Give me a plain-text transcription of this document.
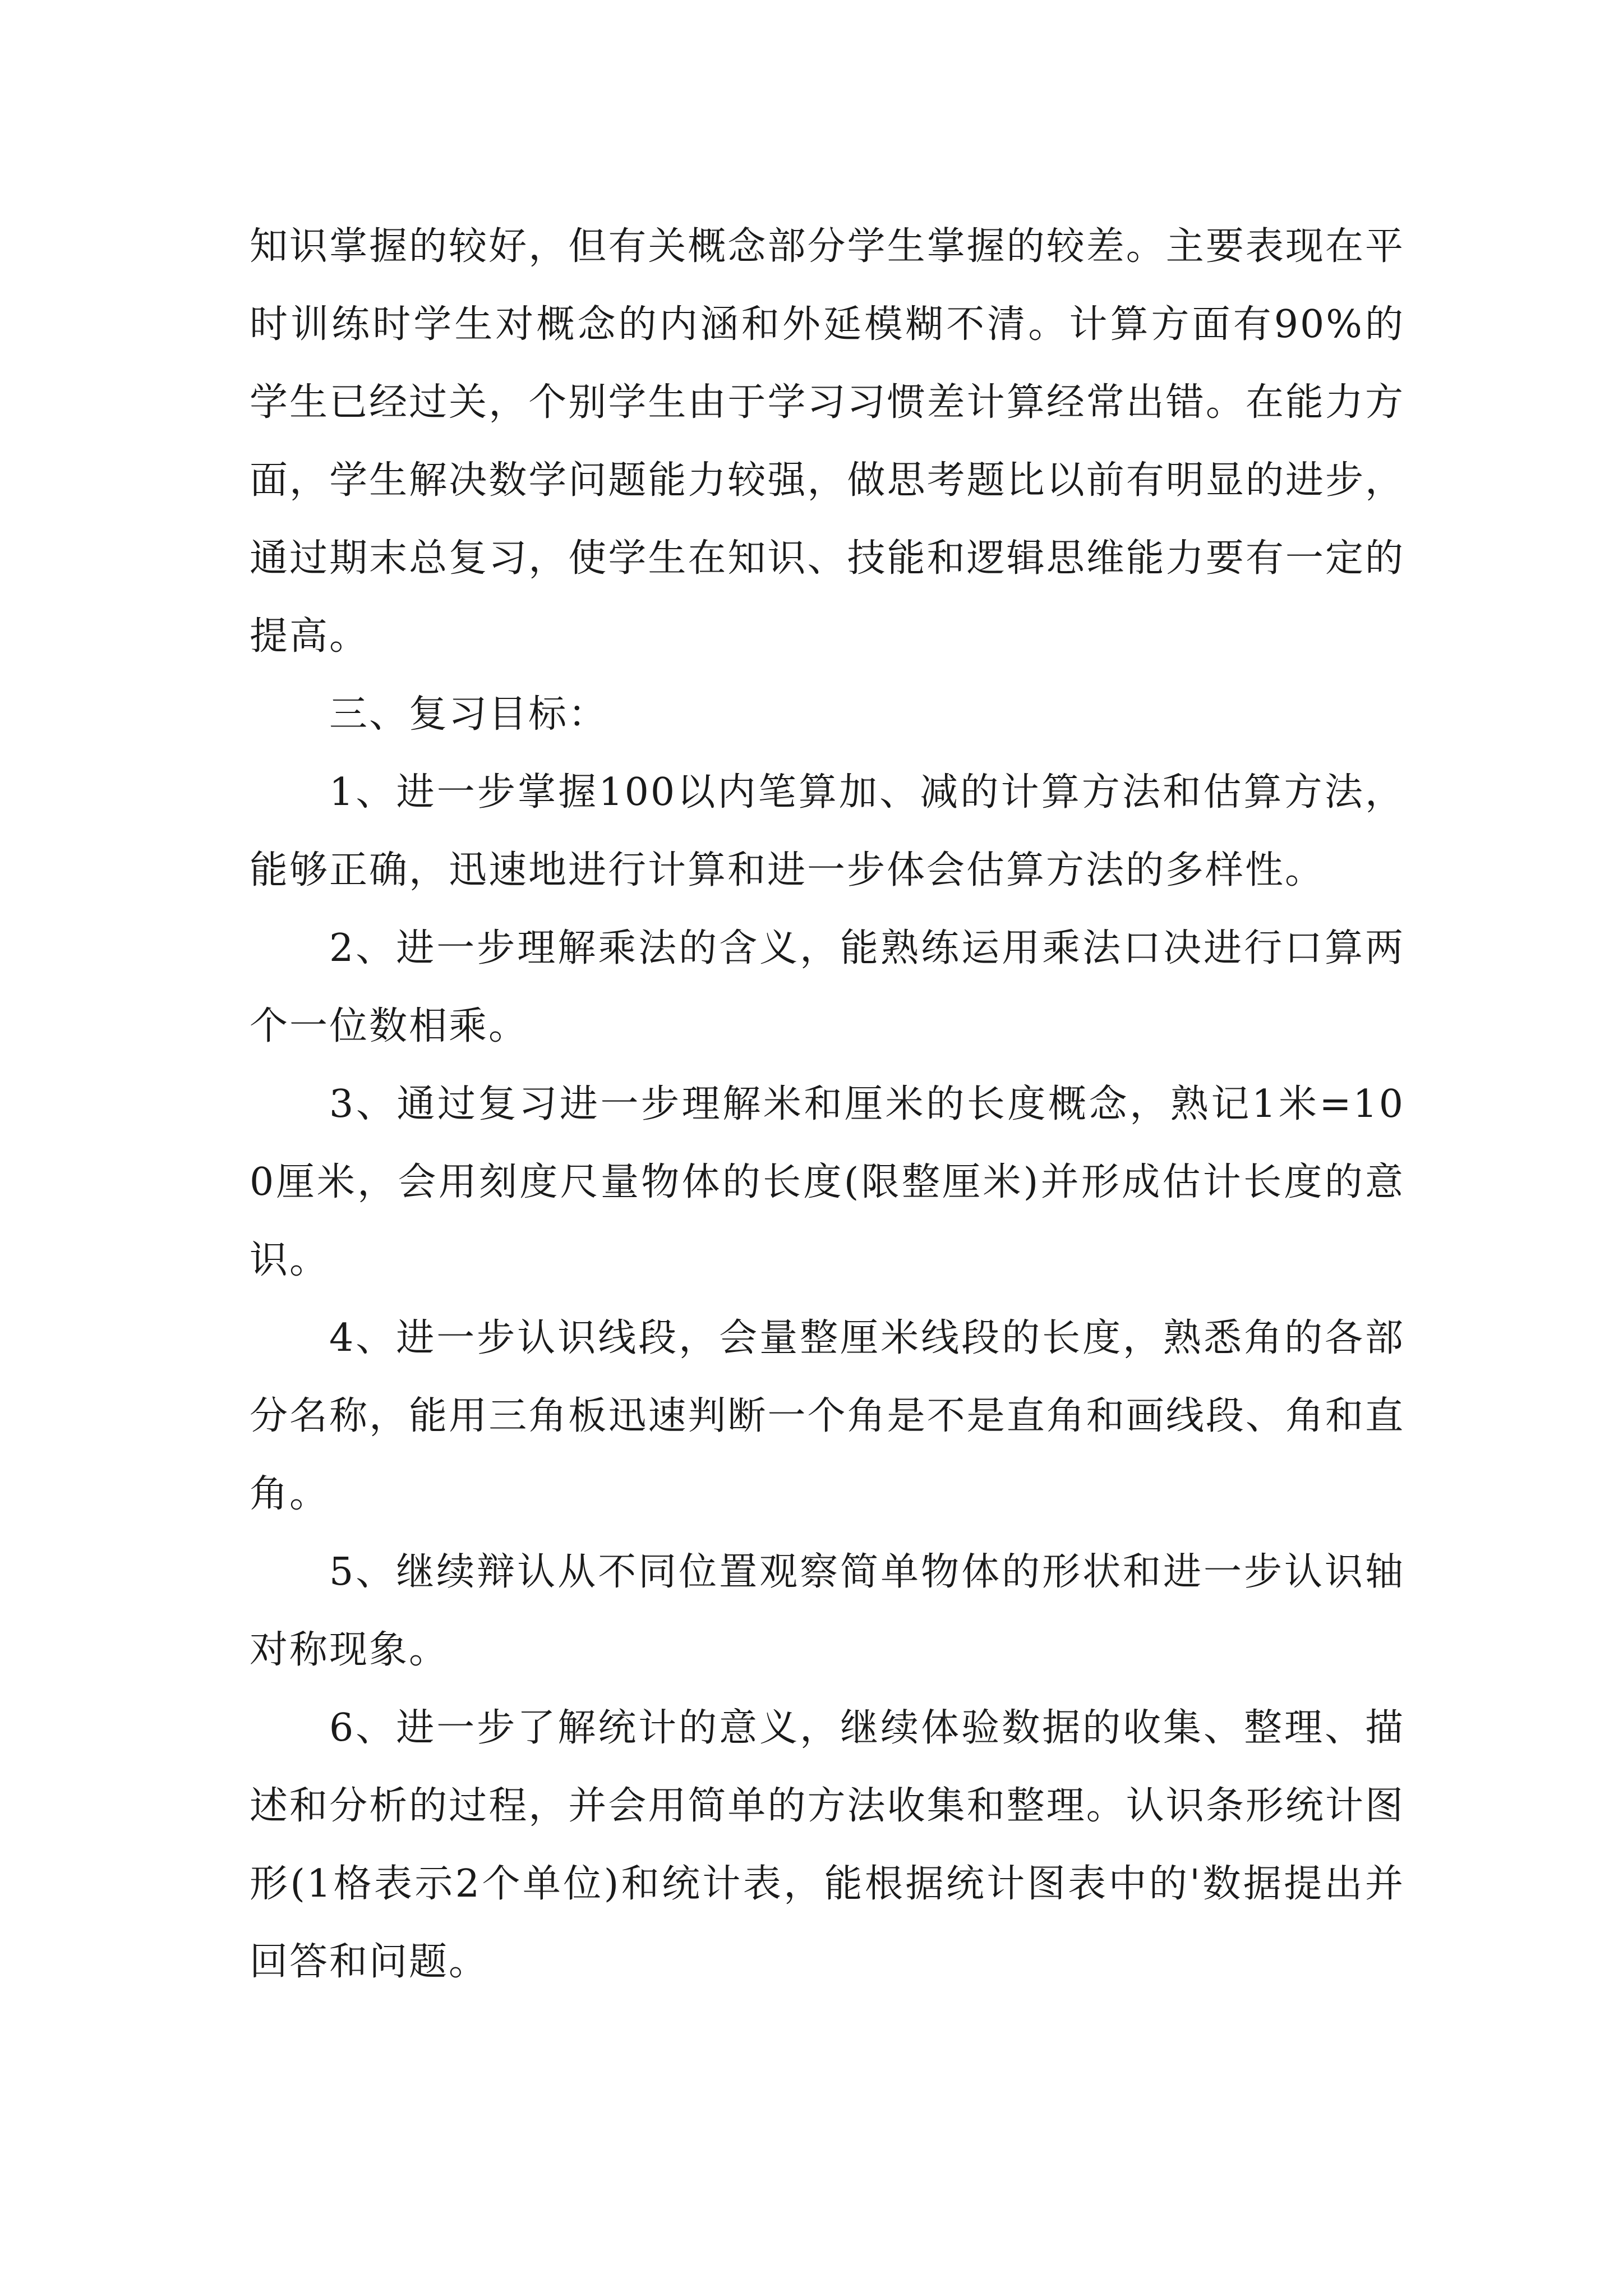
知识掌握的较好，但有关概念部分学生掌握的较差。主要表现在平时训练时学生对概念的内涵和外延模糊不清。计算方面有90%的学生已经过关，个别学生由于学习习惯差计算经常出错。在能力方面，学生解决数学问题能力较强，做思考题比以前有明显的进步，通过期末总复习，使学生在知识、技能和逻辑思维能力要有一定的提高。

三、复习目标：

1、进一步掌握100以内笔算加、减的计算方法和估算方法，能够正确，迅速地进行计算和进一步体会估算方法的多样性。

2、进一步理解乘法的含义，能熟练运用乘法口决进行口算两个一位数相乘。

3、通过复习进一步理解米和厘米的长度概念，熟记1米=100厘米，会用刻度尺量物体的长度(限整厘米)并形成估计长度的意识。

4、进一步认识线段，会量整厘米线段的长度，熟悉角的各部分名称，能用三角板迅速判断一个角是不是直角和画线段、角和直角。

5、继续辩认从不同位置观察简单物体的形状和进一步认识轴对称现象。

6、进一步了解统计的意义，继续体验数据的收集、整理、描述和分析的过程，并会用简单的方法收集和整理。认识条形统计图形(1格表示2个单位)和统计表，能根据统计图表中的'数据提出并回答和问题。
